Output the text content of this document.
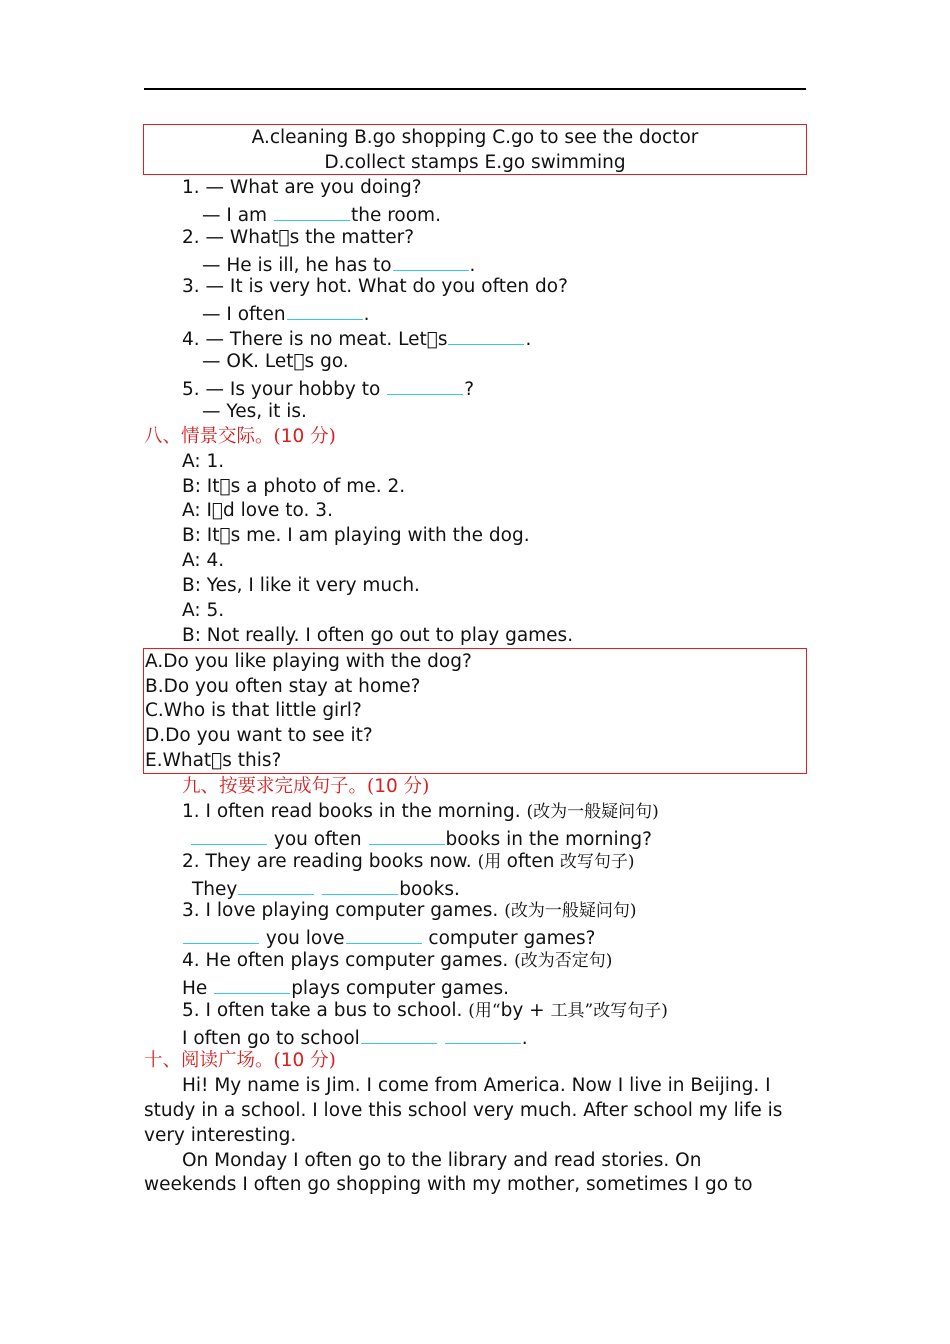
A.cleaning B.go shopping C.go to see the doctor
D.collect stamps E.go swimming
1. — What are you doing?
— I am	the room.
2. — What s the matter?
— He is ill, he has to	.
3. — It is very hot. What do you often do?
— I often	.
4. — There is no meat. Let s	.
— OK. Let s go.
5. — Is your hobby to	?
— Yes, it is.
八、情景交际。(10 分)
A: 1.
B: It s a photo of me. 2.
A: I d love to. 3.
B: It s me. I am playing with the dog.
A: 4.
B: Yes, I like it very much.
A: 5.
B: Not really. I often go out to play games.
A.Do you like playing with the dog?
B.Do you often stay at home?
C.Who is that little girl?
D.Do you want to see it?
E.What s this?
九、按要求完成句子。(10 分)
1. I often read books in the morning. (改为一般疑问句)
you often	books in the morning?
2. They are reading books now. (用 often 改写句子)
They	books.
3. I love playing computer games. (改为一般疑问句)
you love	computer games?
4. He often plays computer games. (改为否定句)
He	plays computer games.
5. I often take a bus to school. (用“by + 工具”改写句子)
I often go to school	.
十、阅读广场。(10 分)
Hi! My name is Jim. I come from America. Now I live in Beijing. I
study in a school. I love this school very much. After school my life is
very interesting.
On Monday I often go to the library and read stories. On
weekends I often go shopping with my mother, sometimes I go to
